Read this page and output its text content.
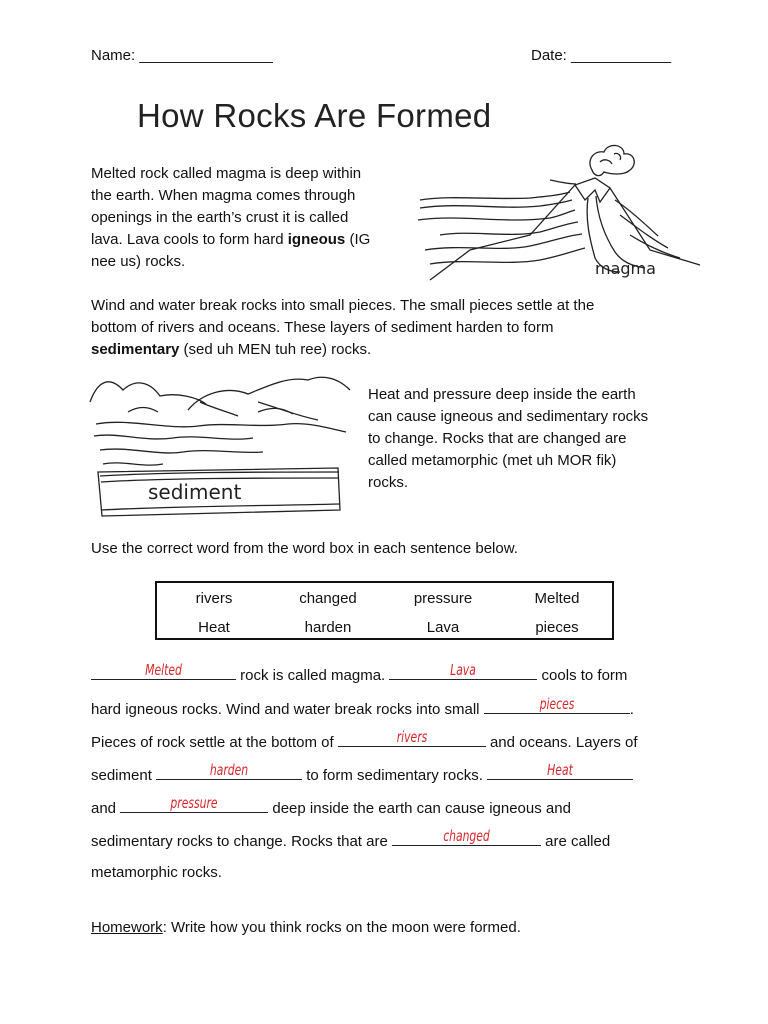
Name: ________________	Date: ____________
How Rocks Are Formed
Melted rock called magma is deep within
the earth. When magma comes through
openings in the earth’s crust it is called
lava. Lava cools to form hard igneous (IG
nee us) rocks.	magma
Wind and water break rocks into small pieces. The small pieces settle at the
bottom of rivers and oceans. These layers of sediment harden to form
sedimentary (sed uh MEN tuh ree) rocks.
sediment
Heat and pressure deep inside the earth
can cause igneous and sedimentary rocks
to change. Rocks that are changed are
called metamorphic (met uh MOR fik)
rocks.
Use the correct word from the word box in each sentence below.
rivers	changed	pressure	Melted
Heat	harden	Lava	pieces
Melted	rock is called magma.	Lava	cools to form
hard igneous rocks. Wind and water break rocks into small	pieces	.
Pieces of rock settle at the bottom of	rivers	and oceans. Layers of
sediment	harden	to form sedimentary rocks.	Heat
and	pressure	deep inside the earth can cause igneous and
sedimentary rocks to change. Rocks that are	changed	are called
metamorphic rocks.
Homework: Write how you think rocks on the moon were formed.
